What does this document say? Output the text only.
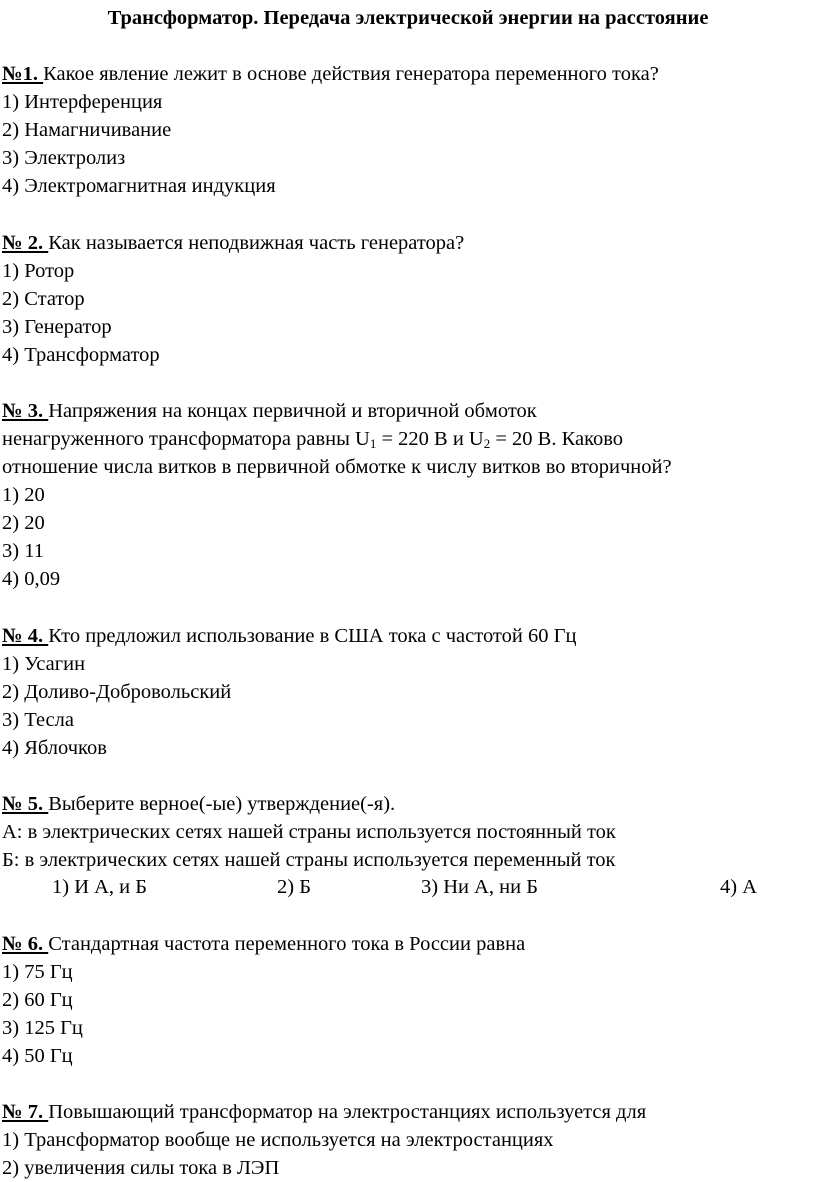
Трансформатор. Передача электрической энергии на расстояние
№1. Какое явление лежит в основе действия генератора переменного тока?
1) Интерференция
2) Намагничивание
3) Электролиз
4) Электромагнитная индукция
№ 2. Как называется неподвижная часть генератора?
1) Ротор
2) Статор
3) Генератор
4) Трансформатор
№ 3. Напряжения на концах первичной и вторичной обмоток
ненагруженного трансформатора равны $U_1 = 220$ В и $U_2 = 20$ В. Каково
отношение числа витков в первичной обмотке к числу витков во вторичной?
1) 20
2) 20
3) 11
4) 0,09
№ 4. Кто предложил использование в США тока с частотой 60 Гц
1) Усагин
2) Доливо-Добровольский
3) Тесла
4) Яблочков
№ 5. Выберите верное(-ые) утверждение(-я).
А: в электрических сетях нашей страны используется постоянный ток
Б: в электрических сетях нашей страны используется переменный ток
1) И А, и Б	2) Б	3) Ни А, ни Б	4) А
№ 6. Стандартная частота переменного тока в России равна
1) 75 Гц
2) 60 Гц
3) 125 Гц
4) 50 Гц
№ 7. Повышающий трансформатор на электростанциях используется для
1) Трансформатор вообще не используется на электростанциях
2) увеличения силы тока в ЛЭП
